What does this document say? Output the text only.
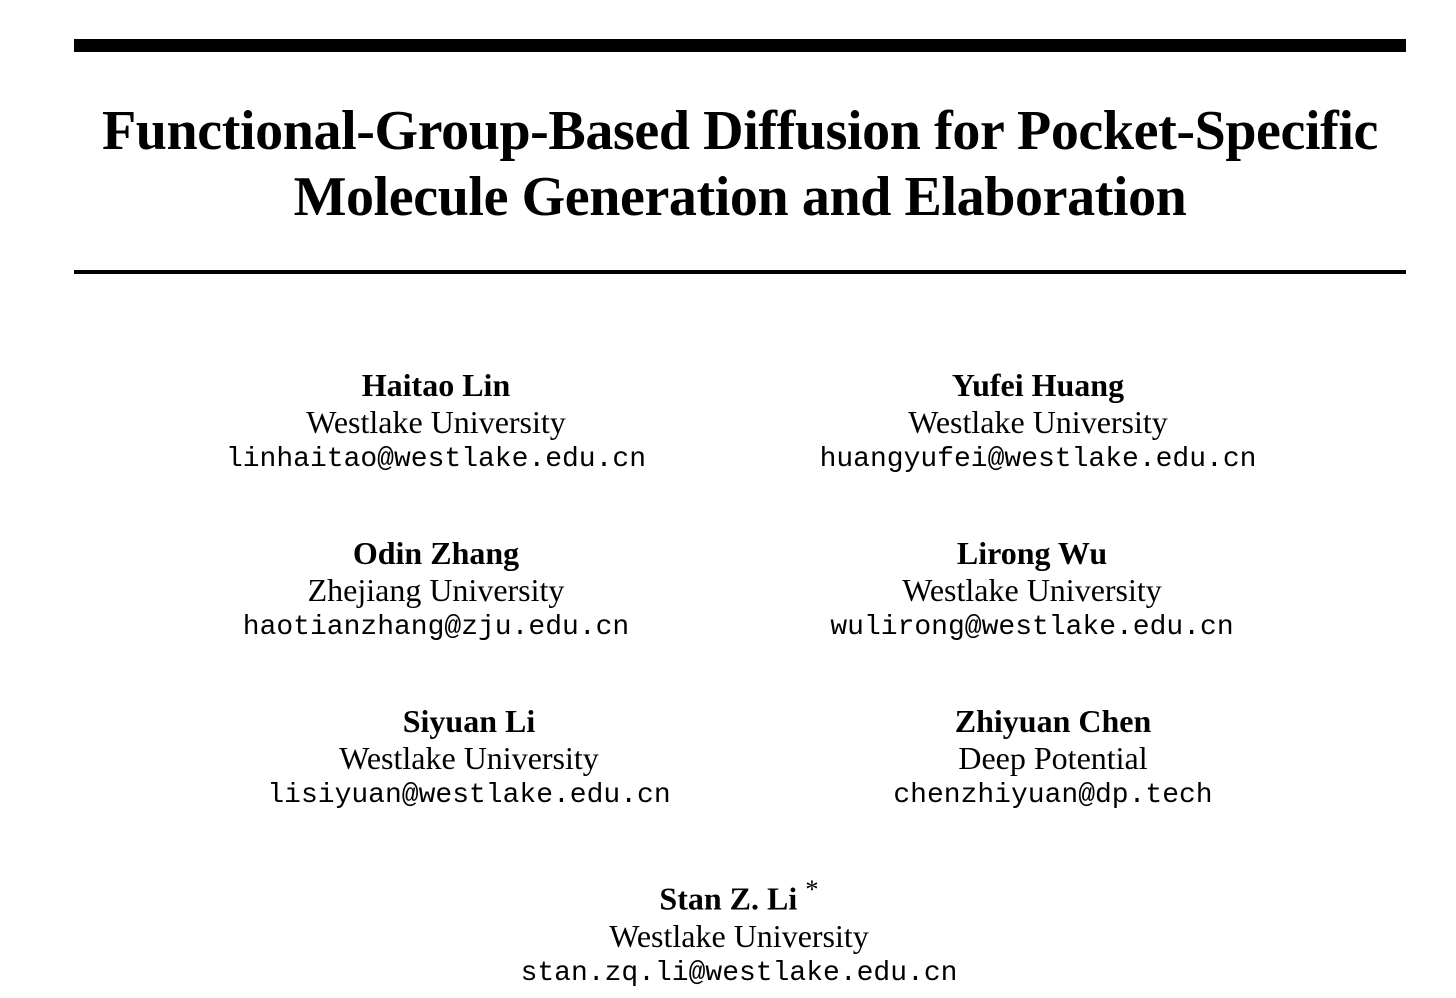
Functional-Group-Based Diffusion for Pocket-Specific
Molecule Generation and Elaboration
Haitao Lin
Westlake University
linhaitao@westlake.edu.cn
Yufei Huang
Westlake University
huangyufei@westlake.edu.cn
Odin Zhang
Zhejiang University
haotianzhang@zju.edu.cn
Lirong Wu
Westlake University
wulirong@westlake.edu.cn
Siyuan Li
Westlake University
lisiyuan@westlake.edu.cn
Zhiyuan Chen
Deep Potential
chenzhiyuan@dp.tech
Stan Z. Li *
Westlake University
stan.zq.li@westlake.edu.cn
